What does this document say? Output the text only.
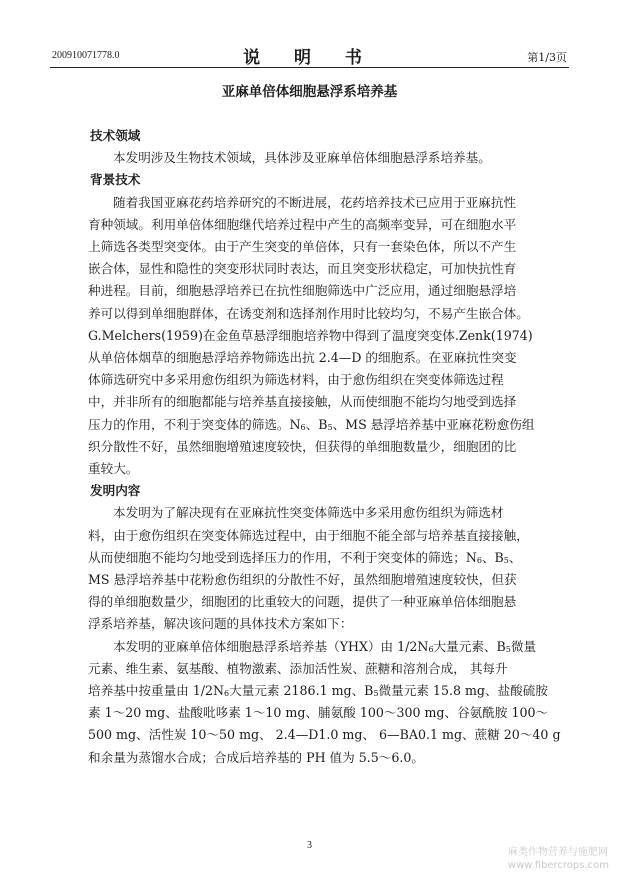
200910071778.0	说 明 书	第1/3页
亚麻单倍体细胞悬浮系培养基

技术领域

本发明涉及生物技术领域，具体涉及亚麻单倍体细胞悬浮系培养基。

背景技术

随着我国亚麻花药培养研究的不断进展，花药培养技术已应用于亚麻抗性

育种领域。利用单倍体细胞继代培养过程中产生的高频率变异，可在细胞水平

上筛选各类型突变体。由于产生突变的单倍体，只有一套染色体，所以不产生

嵌合体，显性和隐性的突变形状同时表达，而且突变形状稳定，可加快抗性育

种进程。目前，细胞悬浮培养已在抗性细胞筛选中广泛应用，通过细胞悬浮培

养可以得到单细胞群体，在诱变剂和选择剂作用时比较均匀，不易产生嵌合体。

G.Melchers(1959)在金鱼草悬浮细胞培养物中得到了温度突变体.Zenk(1974)

从单倍体烟草的细胞悬浮培养物筛选出抗 2.4—D 的细胞系。在亚麻抗性突变

体筛选研究中多采用愈伤组织为筛选材料，由于愈伤组织在突变体筛选过程

中，并非所有的细胞都能与培养基直接接触，从而使细胞不能均匀地受到选择

压力的作用，不利于突变体的筛选。$N_6$、$B_5$、MS 悬浮培养基中亚麻花粉愈伤组

织分散性不好，虽然细胞增殖速度较快，但获得的单细胞数量少，细胞团的比

重较大。

发明内容

本发明为了解决现有在亚麻抗性突变体筛选中多采用愈伤组织为筛选材

料，由于愈伤组织在突变体筛选过程中，由于细胞不能全部与培养基直接接触，

从而使细胞不能均匀地受到选择压力的作用，不利于突变体的筛选；$N_6$、$B_5$、

MS 悬浮培养基中花粉愈伤组织的分散性不好，虽然细胞增殖速度较快，但获

得的单细胞数量少，细胞团的比重较大的问题，提供了一种亚麻单倍体细胞悬

浮系培养基，解决该问题的具体技术方案如下：

本发明的亚麻单倍体细胞悬浮系培养基（YHX）由 $1/2N_6$大量元素、$B_5$微量

元素、维生素、氨基酸、植物激素、添加活性炭、蔗糖和溶剂合成， 其每升

培养基中按重量由 $1/2N_6$大量元素 2186.1 mg、$B_5$微量元素 15.8 mg、盐酸硫胺

素 1～20 mg、盐酸吡哆素 1～10 mg、脯氨酸 100～300 mg、谷氨酰胺 100～

500 mg、活性炭 10～50 mg、 2.4—D1.0 mg、 6—BA0.1 mg、蔗糖 20～40 g

和余量为蒸馏水合成；合成后培养基的 PH 值为 5.5～6.0。

3
麻类作物营养与施肥网
www.fibercrops.com
